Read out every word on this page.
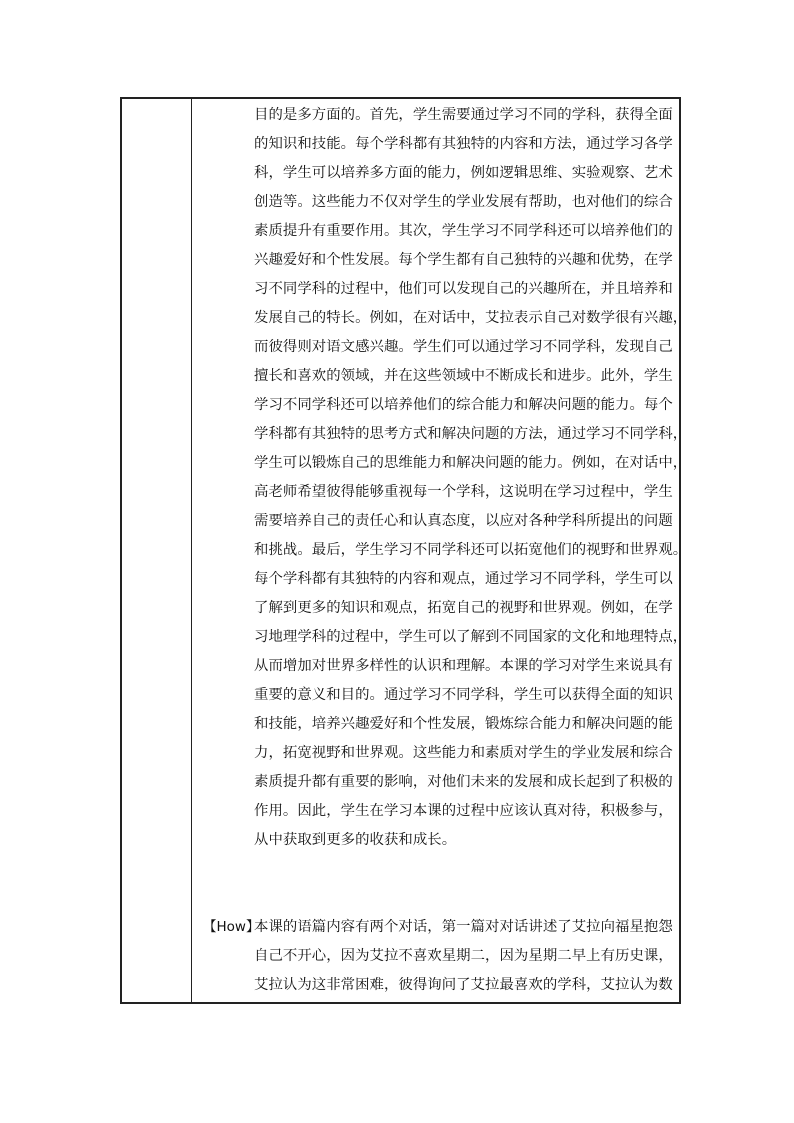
目的是多方面的。首先，学生需要通过学习不同的学科，获得全面
的知识和技能。每个学科都有其独特的内容和方法，通过学习各学
科，学生可以培养多方面的能力，例如逻辑思维、实验观察、艺术
创造等。这些能力不仅对学生的学业发展有帮助，也对他们的综合
素质提升有重要作用。其次，学生学习不同学科还可以培养他们的
兴趣爱好和个性发展。每个学生都有自己独特的兴趣和优势，在学
习不同学科的过程中，他们可以发现自己的兴趣所在，并且培养和
发展自己的特长。例如，在对话中，艾拉表示自己对数学很有兴趣，
而彼得则对语文感兴趣。学生们可以通过学习不同学科，发现自己
擅长和喜欢的领域，并在这些领域中不断成长和进步。此外，学生
学习不同学科还可以培养他们的综合能力和解决问题的能力。每个
学科都有其独特的思考方式和解决问题的方法，通过学习不同学科，
学生可以锻炼自己的思维能力和解决问题的能力。例如，在对话中，
高老师希望彼得能够重视每一个学科，这说明在学习过程中，学生
需要培养自己的责任心和认真态度，以应对各种学科所提出的问题
和挑战。最后，学生学习不同学科还可以拓宽他们的视野和世界观。
每个学科都有其独特的内容和观点，通过学习不同学科，学生可以
了解到更多的知识和观点，拓宽自己的视野和世界观。例如，在学
习地理学科的过程中，学生可以了解到不同国家的文化和地理特点，
从而增加对世界多样性的认识和理解。本课的学习对学生来说具有
重要的意义和目的。通过学习不同学科，学生可以获得全面的知识
和技能，培养兴趣爱好和个性发展，锻炼综合能力和解决问题的能
力，拓宽视野和世界观。这些能力和素质对学生的学业发展和综合
素质提升都有重要的影响，对他们未来的发展和成长起到了积极的
作用。因此，学生在学习本课的过程中应该认真对待，积极参与，
从中获取到更多的收获和成长。
【How】
本课的语篇内容有两个对话，第一篇对对话讲述了艾拉向福星抱怨
自己不开心，因为艾拉不喜欢星期二，因为星期二早上有历史课，
艾拉认为这非常困难，彼得询问了艾拉最喜欢的学科，艾拉认为数
